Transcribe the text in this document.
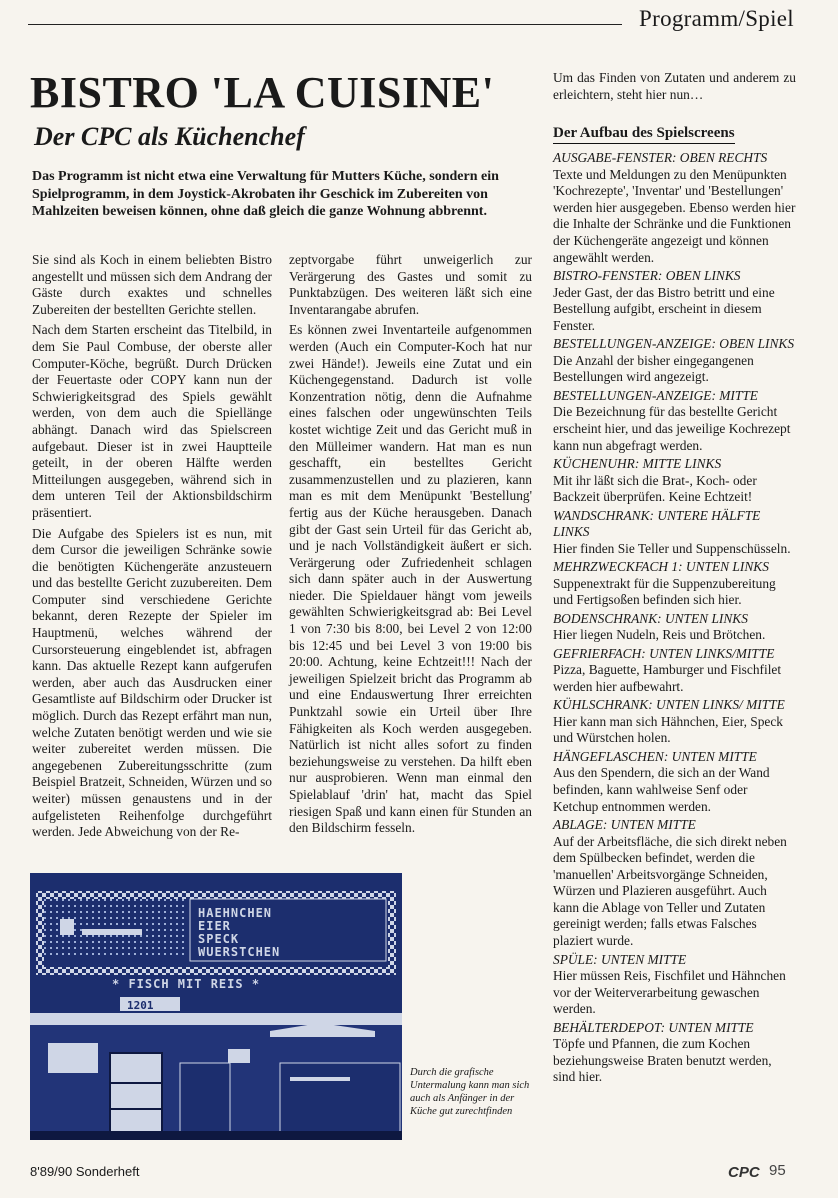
Programm/Spiel
BISTRO 'LA CUISINE'
Der CPC als Küchenchef
Das Programm ist nicht etwa eine Verwaltung für Mutters Küche, sondern ein Spielprogramm, in dem Joystick-Akrobaten ihr Geschick im Zubereiten von Mahlzeiten beweisen können, ohne daß gleich die ganze Wohnung abbrennt.

Sie sind als Koch in einem beliebten Bistro angestellt und müssen sich dem Andrang der Gäste durch exaktes und schnelles Zubereiten der bestellten Gerichte stellen.

Nach dem Starten erscheint das Titelbild, in dem Sie Paul Combuse, der oberste aller Computer-Köche, begrüßt. Durch Drücken der Feuertaste oder COPY kann nun der Schwierigkeitsgrad des Spiels gewählt werden, von dem auch die Spiellänge abhängt. Danach wird das Spielscreen aufgebaut. Dieser ist in zwei Hauptteile geteilt, in der oberen Hälfte werden Mitteilungen ausgegeben, während sich in dem unteren Teil der Aktionsbildschirm präsentiert.

Die Aufgabe des Spielers ist es nun, mit dem Cursor die jeweiligen Schränke sowie die benötigten Küchengeräte anzusteuern und das bestellte Gericht zuzubereiten. Dem Computer sind verschiedene Gerichte bekannt, deren Rezepte der Spieler im Hauptmenü, welches während der Cursorsteuerung eingeblendet ist, abfragen kann. Das aktuelle Rezept kann aufgerufen werden, aber auch das Ausdrucken einer Gesamtliste auf Bildschirm oder Drucker ist möglich. Durch das Rezept erfährt man nun, welche Zutaten benötigt werden und wie sie weiter zubereitet werden müssen. Die angegebenen Zubereitungsschritte (zum Beispiel Bratzeit, Schneiden, Würzen und so weiter) müssen genaustens und in der aufgelisteten Reihenfolge durchgeführt werden. Jede Abweichung von der Re-

zeptvorgabe führt unweigerlich zur Verärgerung des Gastes und somit zu Punktabzügen. Des weiteren läßt sich eine Inventarangabe abrufen.

Es können zwei Inventarteile aufgenommen werden (Auch ein Computer-Koch hat nur zwei Hände!). Jeweils eine Zutat und ein Küchengegenstand. Dadurch ist volle Konzentration nötig, denn die Aufnahme eines falschen oder ungewünschten Teils kostet wichtige Zeit und das Gericht muß in den Mülleimer wandern. Hat man es nun geschafft, ein bestelltes Gericht zusammenzustellen und zu plazieren, kann man es mit dem Menüpunkt 'Bestellung' fertig aus der Küche herausgeben. Danach gibt der Gast sein Urteil für das Gericht ab, und je nach Vollständigkeit äußert er sich. Verärgerung oder Zufriedenheit schlagen sich dann später auch in der Auswertung nieder. Die Spieldauer hängt vom jeweils gewählten Schwierigkeitsgrad ab: Bei Level 1 von 7:30 bis 8:00, bei Level 2 von 12:00 bis 12:45 und bei Level 3 von 19:00 bis 20:00. Achtung, keine Echtzeit!!! Nach der jeweiligen Spielzeit bricht das Programm ab und eine Endauswertung Ihrer erreichten Punktzahl sowie ein Urteil über Ihre Fähigkeiten als Koch werden ausgegeben. Natürlich ist nicht alles sofort zu finden beziehungsweise zu verstehen. Da hilft eben nur ausprobieren. Wenn man einmal den Spielablauf 'drin' hat, macht das Spiel riesigen Spaß und kann einen für Stunden an den Bildschirm fesseln.

Um das Finden von Zutaten und anderem zu erleichtern, steht hier nun…

Der Aufbau des Spielscreens
AUSGABE-FENSTER: OBEN RECHTS
Texte und Meldungen zu den Menüpunkten 'Kochrezepte', 'Inventar' und 'Bestellungen' werden hier ausgegeben. Ebenso werden hier die Inhalte der Schränke und die Funktionen der Küchengeräte angezeigt und können angewählt werden.
BISTRO-FENSTER: OBEN LINKS
Jeder Gast, der das Bistro betritt und eine Bestellung aufgibt, erscheint in diesem Fenster.
BESTELLUNGEN-ANZEIGE: OBEN LINKS
Die Anzahl der bisher eingegangenen Bestellungen wird angezeigt.
BESTELLUNGEN-ANZEIGE: MITTE
Die Bezeichnung für das bestellte Gericht erscheint hier, und das jeweilige Kochrezept kann nun abgefragt werden.
KÜCHENUHR: MITTE LINKS
Mit ihr läßt sich die Brat-, Koch- oder Backzeit überprüfen. Keine Echtzeit!
WANDSCHRANK: UNTERE HÄLFTE LINKS
Hier finden Sie Teller und Suppenschüsseln.
MEHRZWECKFACH 1: UNTEN LINKS
Suppenextrakt für die Suppenzubereitung und Fertigsoßen befinden sich hier.
BODENSCHRANK: UNTEN LINKS
Hier liegen Nudeln, Reis und Brötchen.
GEFRIERFACH: UNTEN LINKS/MITTE
Pizza, Baguette, Hamburger und Fischfilet werden hier aufbewahrt.
KÜHLSCHRANK: UNTEN LINKS/ MITTE
Hier kann man sich Hähnchen, Eier, Speck und Würstchen holen.
HÄNGEFLASCHEN: UNTEN MITTE
Aus den Spendern, die sich an der Wand befinden, kann wahlweise Senf oder Ketchup entnommen werden.
ABLAGE: UNTEN MITTE
Auf der Arbeitsfläche, die sich direkt neben dem Spülbecken befindet, werden die 'manuellen' Arbeitsvorgänge Schneiden, Würzen und Plazieren ausgeführt. Auch kann die Ablage von Teller und Zutaten gereinigt werden; falls etwas Falsches plaziert wurde.
SPÜLE: UNTEN MITTE
Hier müssen Reis, Fischfilet und Hähnchen vor der Weiterverarbeitung gewaschen werden.
BEHÄLTERDEPOT: UNTEN MITTE
Töpfe und Pfannen, die zum Kochen beziehungsweise Braten benutzt werden, sind hier.
HAEHNCHEN
EIER
SPECK
WUERSTCHEN
* FISCH MIT REIS *
1201
Durch die grafische Untermalung kann man sich auch als Anfänger in der Küche gut zurechtfinden
8'89/90 Sonderheft	CPC 95
